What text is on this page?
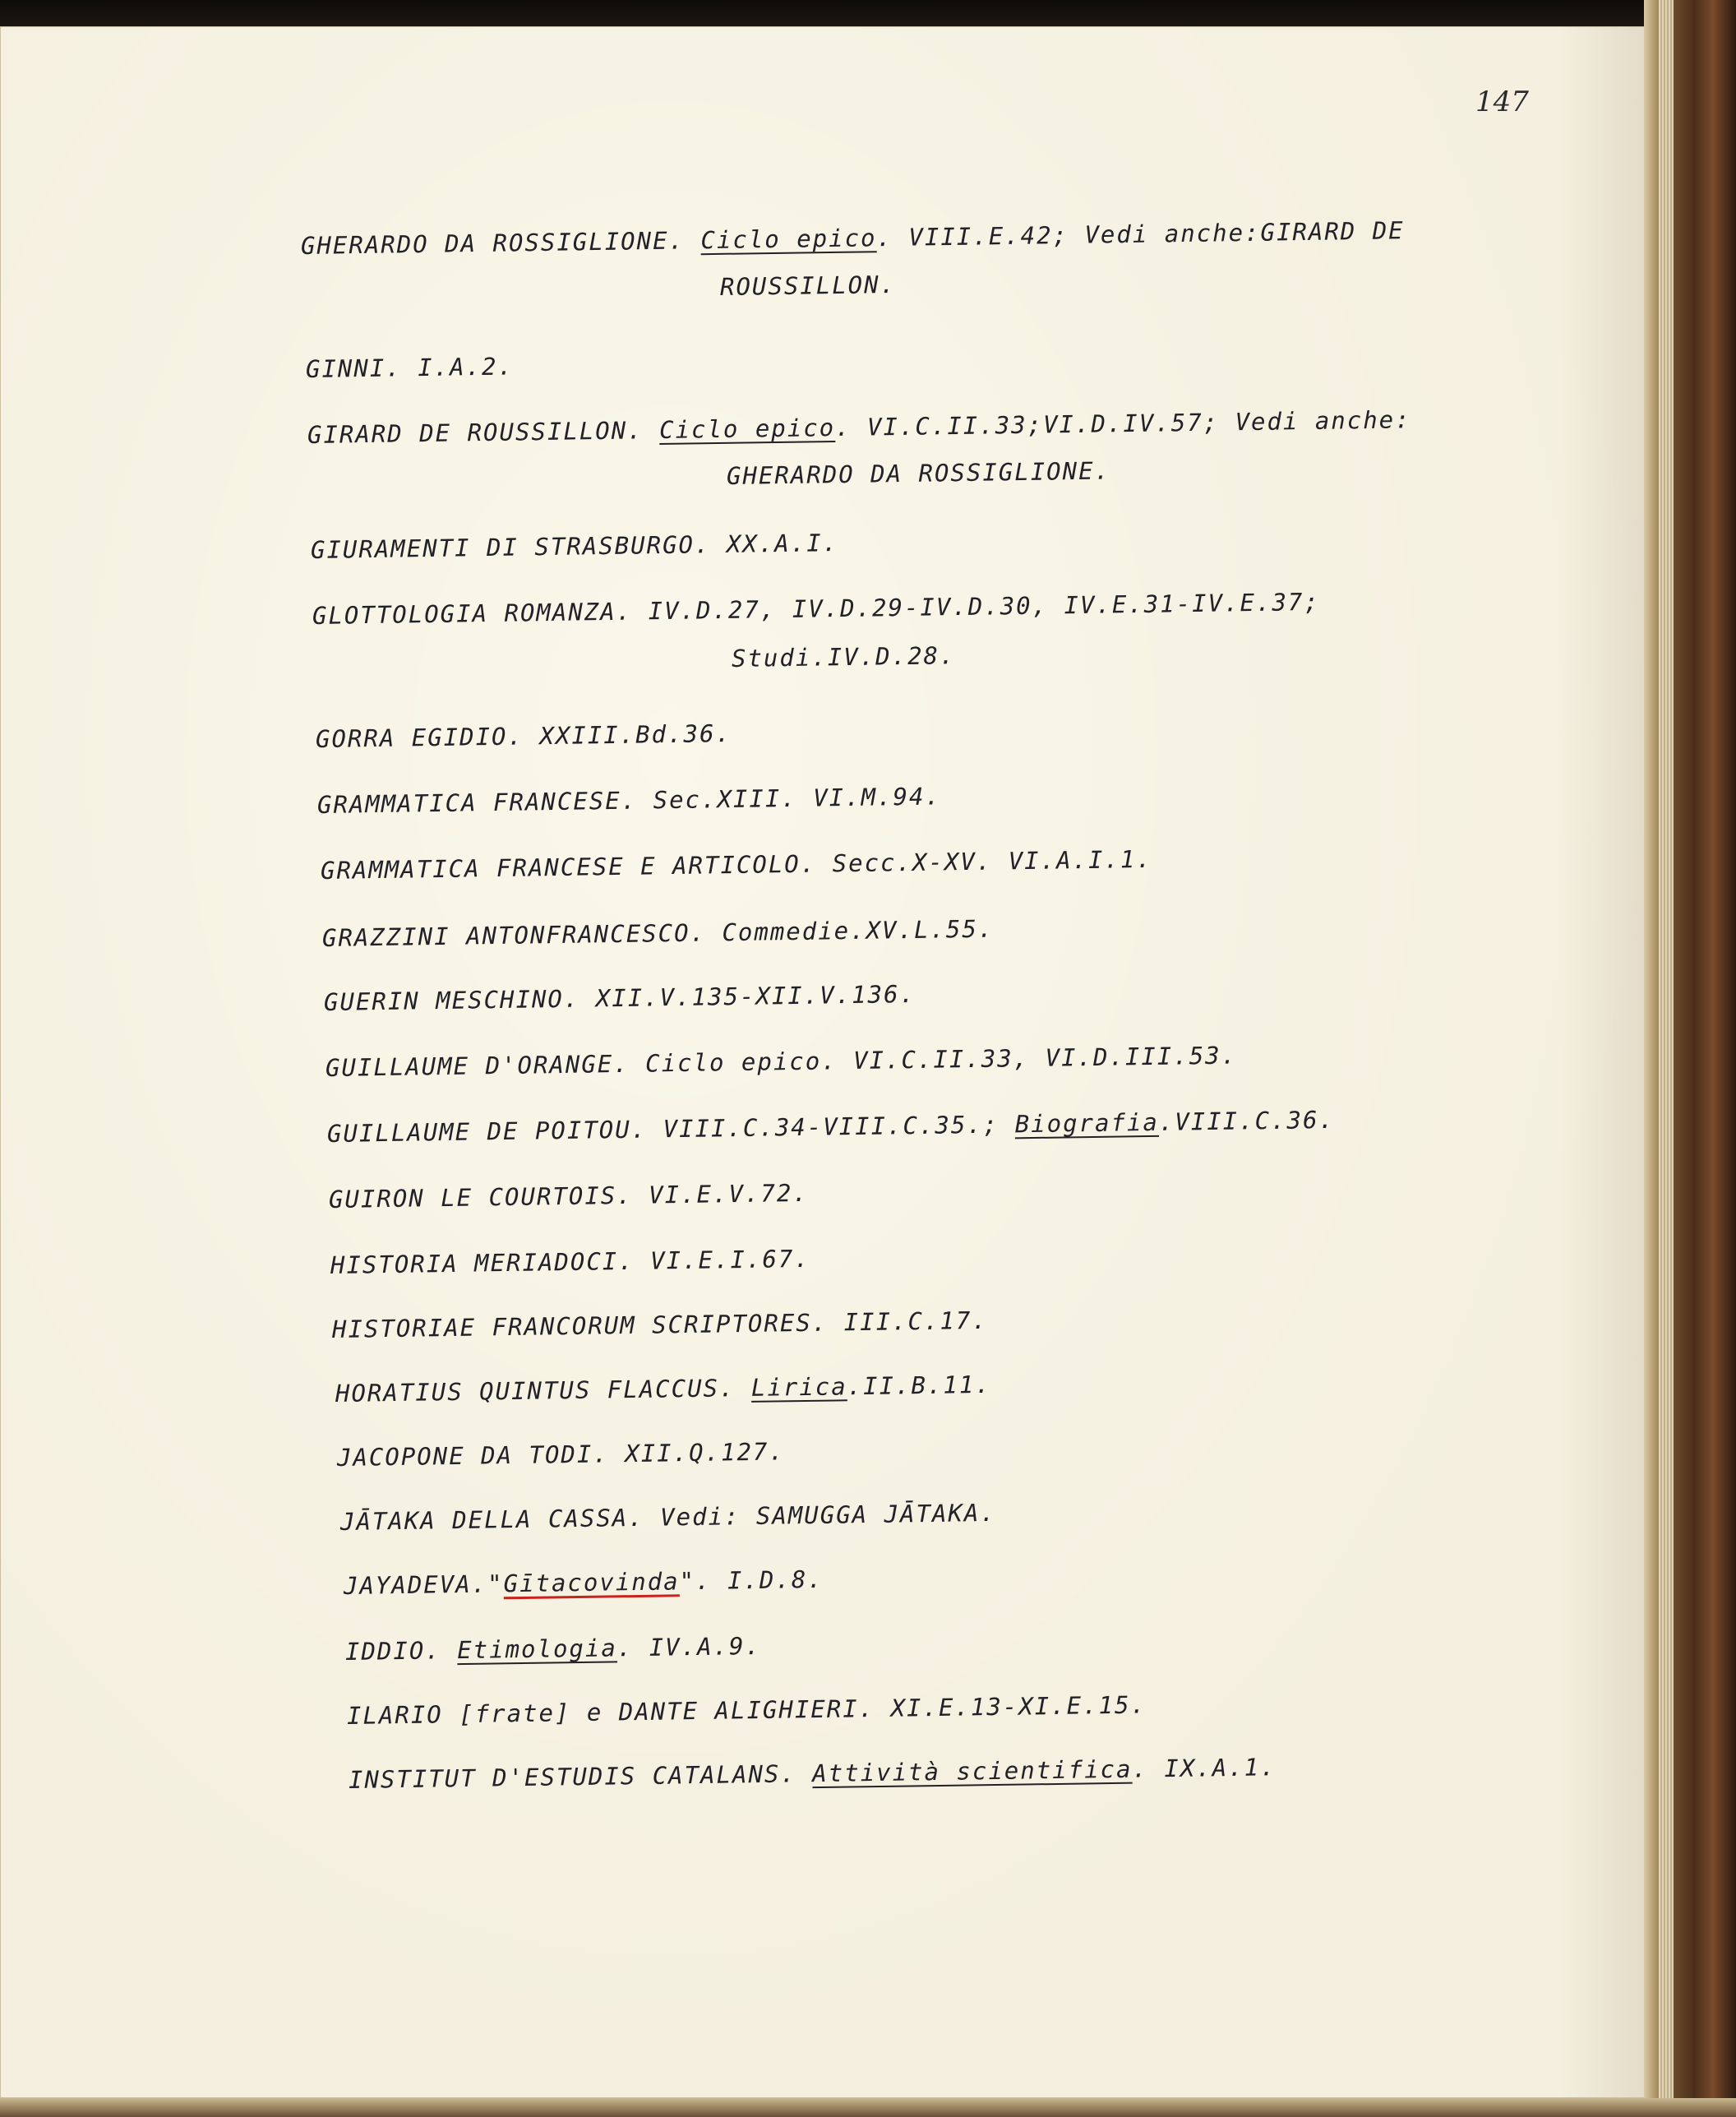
147
GHERARDO DA ROSSIGLIONE. Ciclo epico. VIII.E.42; Vedi anche:GIRARD DE
ROUSSILLON.
GINNI. I.A.2.
GIRARD DE ROUSSILLON. Ciclo epico. VI.C.II.33;VI.D.IV.57; Vedi anche:
GHERARDO DA ROSSIGLIONE.
GIURAMENTI DI STRASBURGO. XX.A.I.
GLOTTOLOGIA ROMANZA. IV.D.27, IV.D.29-IV.D.30, IV.E.31-IV.E.37;
Studi.IV.D.28.
GORRA EGIDIO. XXIII.Bd.36.
GRAMMATICA FRANCESE. Sec.XIII. VI.M.94.
GRAMMATICA FRANCESE E ARTICOLO. Secc.X-XV. VI.A.I.1.
GRAZZINI ANTONFRANCESCO. Commedie.XV.L.55.
GUERIN MESCHINO. XII.V.135-XII.V.136.
GUILLAUME D'ORANGE. Ciclo epico. VI.C.II.33, VI.D.III.53.
GUILLAUME DE POITOU. VIII.C.34-VIII.C.35.; Biografia.VIII.C.36.
GUIRON LE COURTOIS. VI.E.V.72.
HISTORIA MERIADOCI. VI.E.I.67.
HISTORIAE FRANCORUM SCRIPTORES. III.C.17.
HORATIUS QUINTUS FLACCUS. Lirica.II.B.11.
JACOPONE DA TODI. XII.Q.127.
JĀTAKA DELLA CASSA. Vedi: SAMUGGA JĀTAKA.
JAYADEVA."Gītacovinda". I.D.8.
IDDIO. Etimologia. IV.A.9.
ILARIO [frate] e DANTE ALIGHIERI. XI.E.13-XI.E.15.
INSTITUT D'ESTUDIS CATALANS. Attività scientifica. IX.A.1.
